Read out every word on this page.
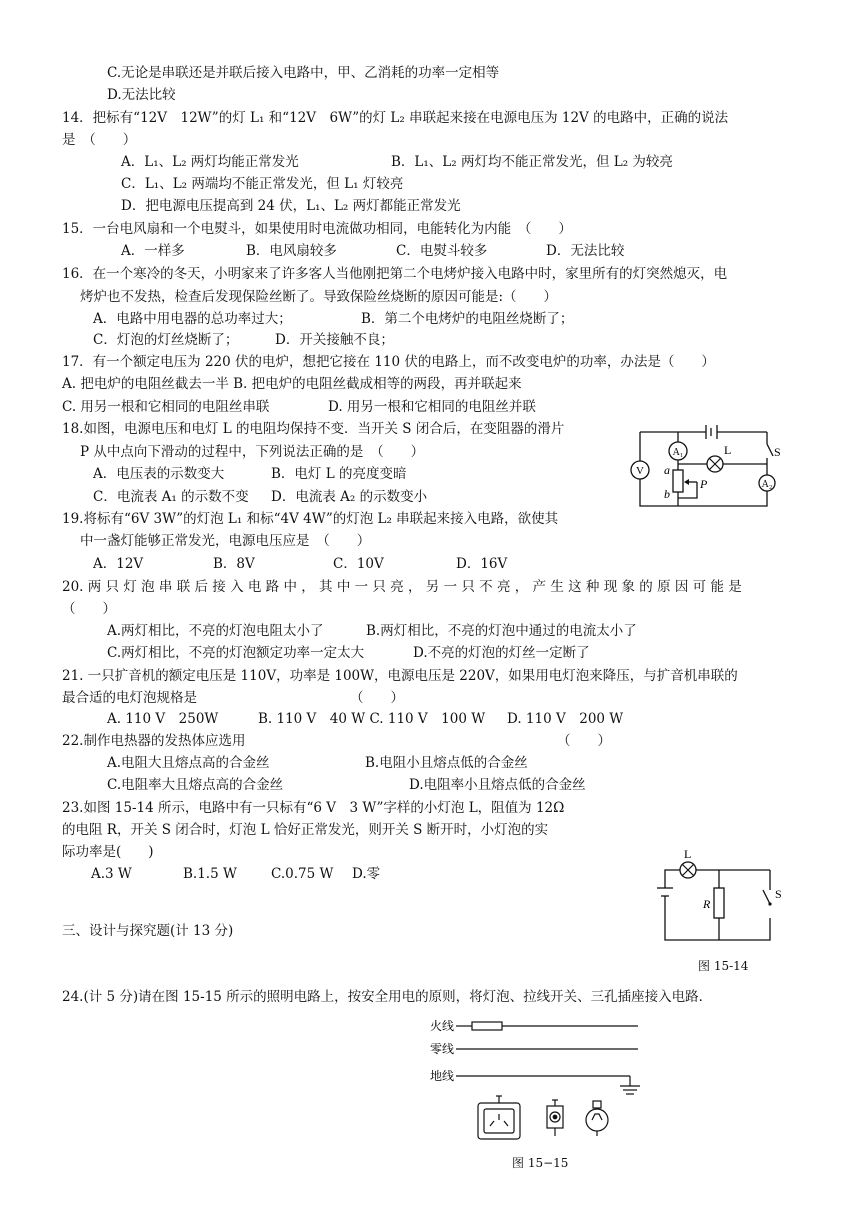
C.无论是串联还是并联后接入电路中，甲、乙消耗的功率一定相等
D.无法比较
14．把标有“12V　12W”的灯 L₁ 和“12V　6W”的灯 L₂ 串联起来接在电源电压为 12V 的电路中，正确的说法
是　（　　）
A．L₁、L₂ 两灯均能正常发光	B．L₁、L₂ 两灯均不能正常发光，但 L₂ 为较亮
C．L₁、L₂ 两端均不能正常发光，但 L₁ 灯较亮
D．把电源电压提高到 24 伏，L₁、L₂ 两灯都能正常发光
15．一台电风扇和一个电熨斗，如果使用时电流做功相同，电能转化为内能　（　　）
A．一样多	B．电风扇较多	C．电熨斗较多	D．无法比较
16．在一个寒冷的冬天，小明家来了许多客人当他刚把第二个电烤炉接入电路中时，家里所有的灯突然熄灭，电
烤炉也不发热，检查后发现保险丝断了。导致保险丝烧断的原因可能是:（　　）
A．电路中用电器的总功率过大；	B．第二个电烤炉的电阻丝烧断了；
C．灯泡的灯丝烧断了；	D．开关接触不良；
17．有一个额定电压为 220 伏的电炉，想把它接在 110 伏的电路上，而不改变电炉的功率，办法是（　　）
A. 把电炉的电阻丝截去一半 B. 把电炉的电阻丝截成相等的两段，再并联起来
C. 用另一根和它相同的电阻丝串联	D. 用另一根和它相同的电阻丝并联
18.如图，电源电压和电灯 L 的电阻均保持不变．当开关 S 闭合后，在变阻器的滑片
P 从中点向下滑动的过程中，下列说法正确的是　（　　）
A．电压表的示数变大	B．电灯 L 的亮度变暗
C．电流表 A₁ 的示数不变 D．电流表 A₂ 的示数变小
V
A₁	L
A₂
S
a
b
P
19.将标有“6V 3W”的灯泡 L₁ 和标“4V 4W”的灯泡 L₂ 串联起来接入电路，欲使其
中一盏灯能够正常发光，电源电压应是　（　　）
A．12V	B．8V	C．10V	D．16V
20. 两 只 灯 泡 串 联 后 接 入 电 路 中 ， 其 中 一 只 亮 ， 另 一 只 不 亮 ， 产 生 这 种 现 象 的 原 因 可 能 是
（　　）
A.两灯相比，不亮的灯泡电阻太小了	B.两灯相比，不亮的灯泡中通过的电流太小了
C.两灯相比，不亮的灯泡额定功率一定太大	D.不亮的灯泡的灯丝一定断了
21. 一只扩音机的额定电压是 110V，功率是 100W，电源电压是 220V，如果用电灯泡来降压，与扩音机串联的
最合适的电灯泡规格是	（　　）
A. 110 V　250W	B. 110 V　40 W C. 110 V　100 W D. 110 V　200 W
22.制作电热器的发热体应选用	（　　）
A.电阻大且熔点高的合金丝	B.电阻小且熔点低的合金丝
C.电阻率大且熔点高的合金丝	D.电阻率小且熔点低的合金丝
23.如图 15-14 所示，电路中有一只标有“6 V　3 W”字样的小灯泡 L，阻值为 12Ω
的电阻 R，开关 S 闭合时，灯泡 L 恰好正常发光，则开关 S 断开时，小灯泡的实
际功率是(　　)
A.3 W	B.1.5 W	C.0.75 W D.零
L
R
S
图 15-14
三、设计与探究题(计 13 分)
24.(计 5 分)请在图 15-15 所示的照明电路上，按安全用电的原则，将灯泡、拉线开关、三孔插座接入电路．
火线
零线
地线
图 15−15
